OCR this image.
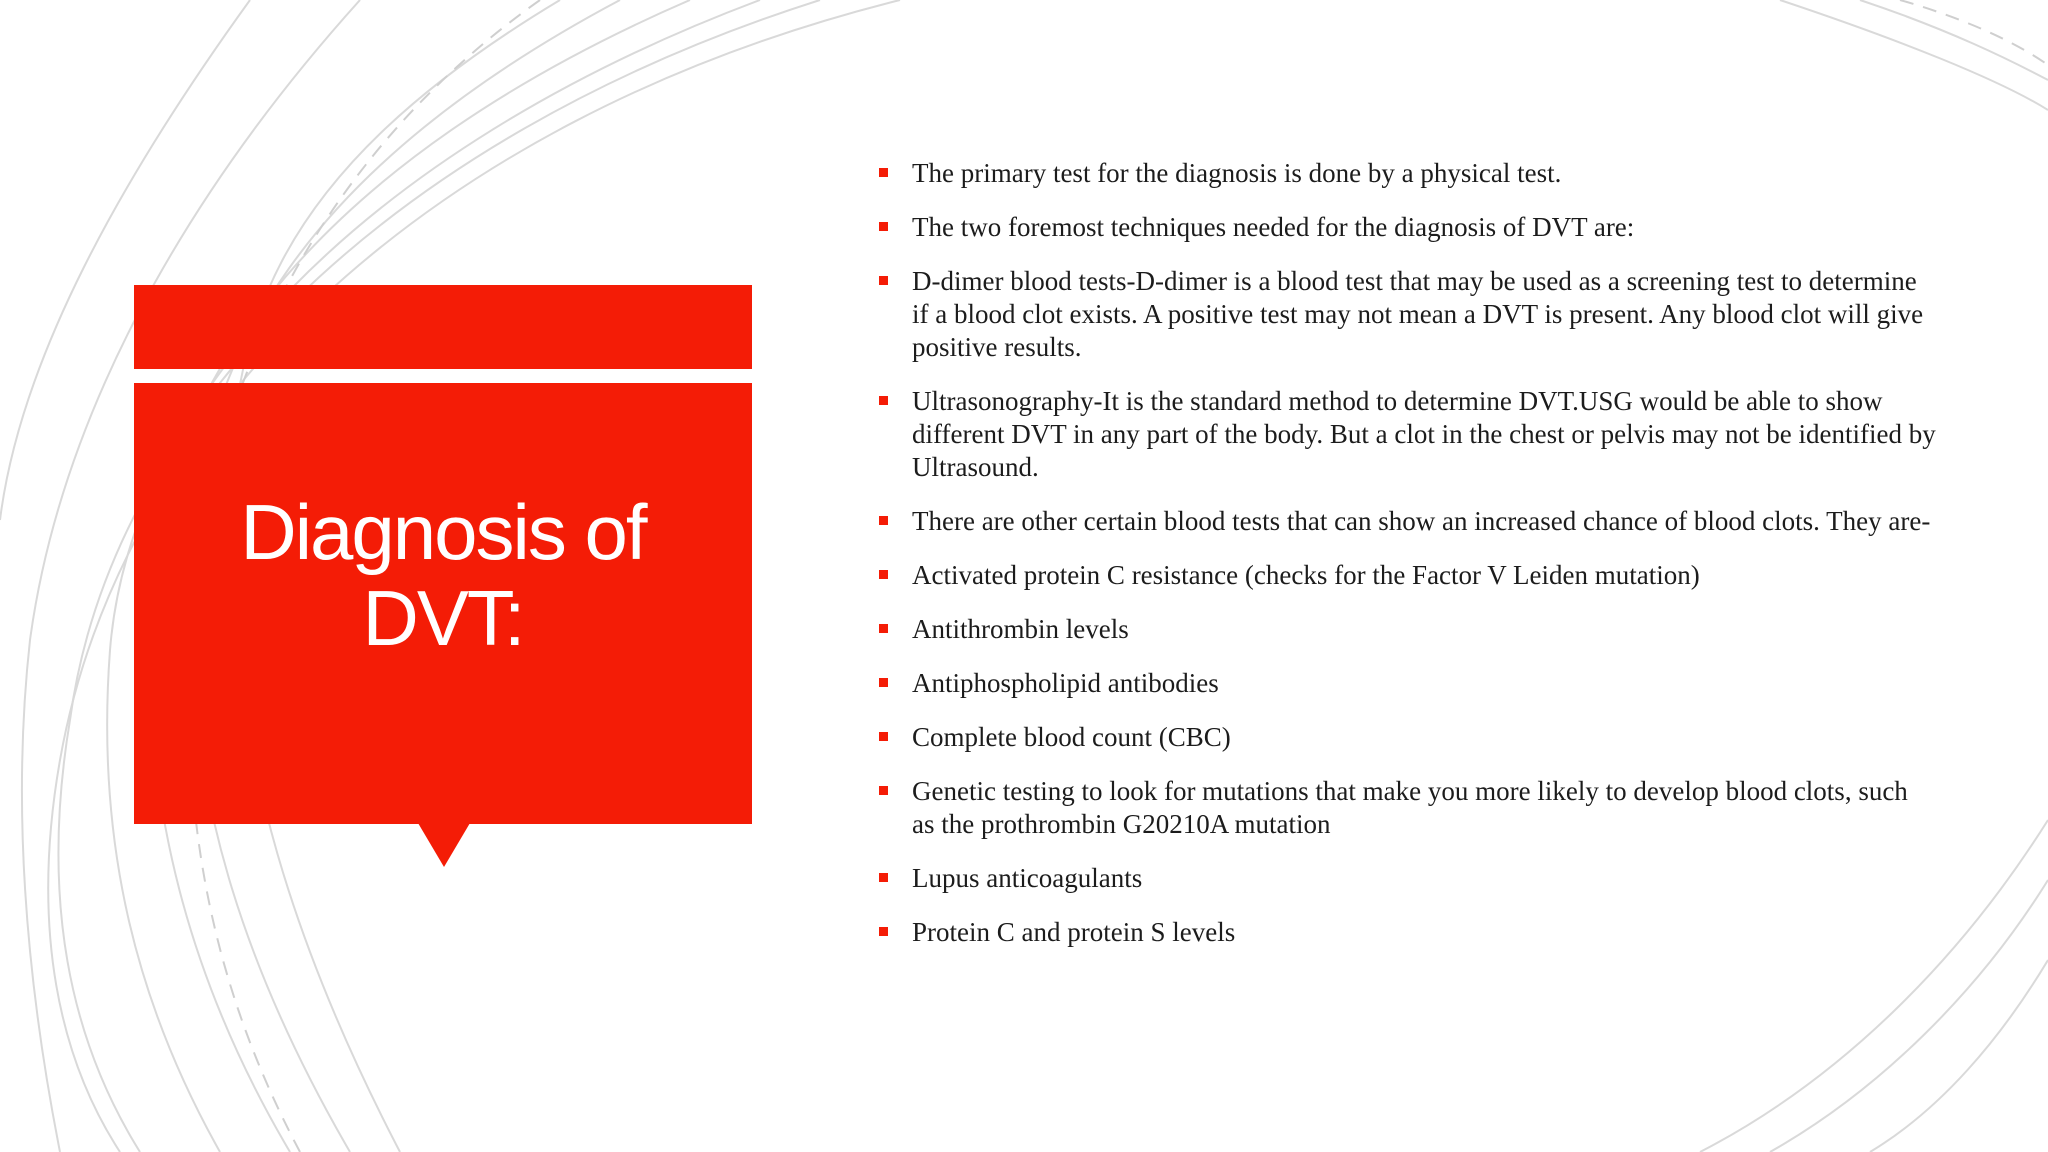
Diagnosis of DVT:
The primary test for the diagnosis is done by a physical test.
The two foremost techniques needed for the diagnosis of DVT are:
D-dimer blood tests-D-dimer is a blood test that may be used as a screening test to determine if a blood clot exists. A positive test may not mean a DVT is present. Any blood clot will give positive results.
Ultrasonography-It is the standard method to determine DVT.USG would be able to show different DVT in any part of the body. But a clot in the chest or pelvis may not be identified by Ultrasound.
There are other certain blood tests that can show an increased chance of blood clots. They are-
Activated protein C resistance (checks for the Factor V Leiden mutation)
Antithrombin levels
Antiphospholipid antibodies
Complete blood count (CBC)
Genetic testing to look for mutations that make you more likely to develop blood clots, such as the prothrombin G20210A mutation
Lupus anticoagulants
Protein C and protein S levels
